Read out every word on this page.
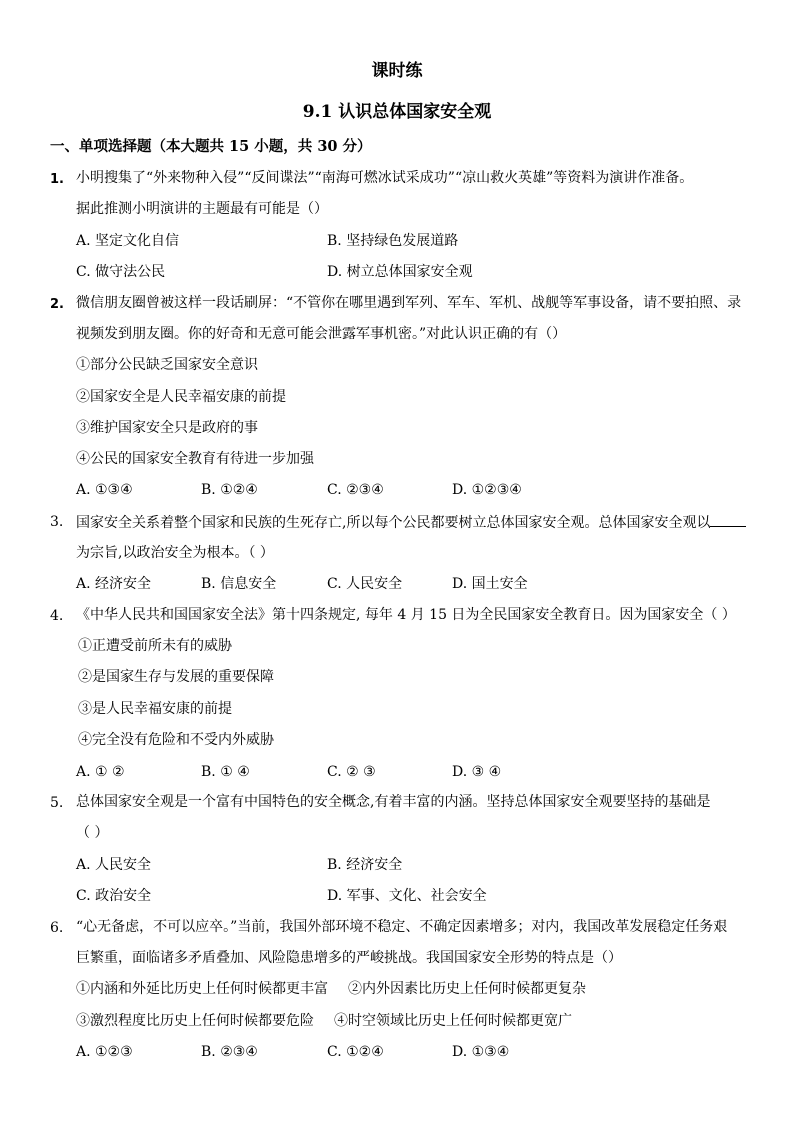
课时练
9.1 认识总体国家安全观
一、单项选择题（本大题共 15 小题，共 30 分）
1. 小明搜集了“外来物种入侵”“反间谍法”“南海可燃冰试采成功”“凉山救火英雄”等资料为演讲作准备。
据此推测小明演讲的主题最有可能是（）
A. 坚定文化自信	B. 坚持绿色发展道路
C. 做守法公民	D. 树立总体国家安全观
2. 微信朋友圈曾被这样一段话刷屏：“不管你在哪里遇到军列、军车、军机、战舰等军事设备，请不要拍照、录
视频发到朋友圈。你的好奇和无意可能会泄露军事机密。”对此认识正确的有（）
①部分公民缺乏国家安全意识
②国家安全是人民幸福安康的前提
③维护国家安全只是政府的事
④公民的国家安全教育有待进一步加强
A. ①③④	B. ①②④	C. ②③④	D. ①②③④
3. 国家安全关系着整个国家和民族的生死存亡,所以每个公民都要树立总体国家安全观。总体国家安全观以
为宗旨,以政治安全为根本。（ ）
A. 经济安全	B. 信息安全	C. 人民安全	D. 国土安全
4. 《中华人民共和国国家安全法》第十四条规定, 每年 4 月 15 日为全民国家安全教育日。因为国家安全（ ）
①正遭受前所未有的威胁
②是国家生存与发展的重要保障
③是人民幸福安康的前提
④完全没有危险和不受内外威胁
A. ① ②	B. ① ④	C. ② ③	D. ③ ④
5. 总体国家安全观是一个富有中国特色的安全概念,有着丰富的内涵。坚持总体国家安全观要坚持的基础是
（ ）
A. 人民安全	B. 经济安全
C. 政治安全	D. 军事、文化、社会安全
6. “心无备虑，不可以应卒。”当前，我国外部环境不稳定、不确定因素增多；对内，我国改革发展稳定任务艰
巨繁重，面临诸多矛盾叠加、风险隐患增多的严峻挑战。我国国家安全形势的特点是（）
①内涵和外延比历史上任何时候都更丰富 ②内外因素比历史上任何时候都更复杂
③激烈程度比历史上任何时候都要危险 ④时空领域比历史上任何时候都更宽广
A. ①②③	B. ②③④	C. ①②④	D. ①③④
